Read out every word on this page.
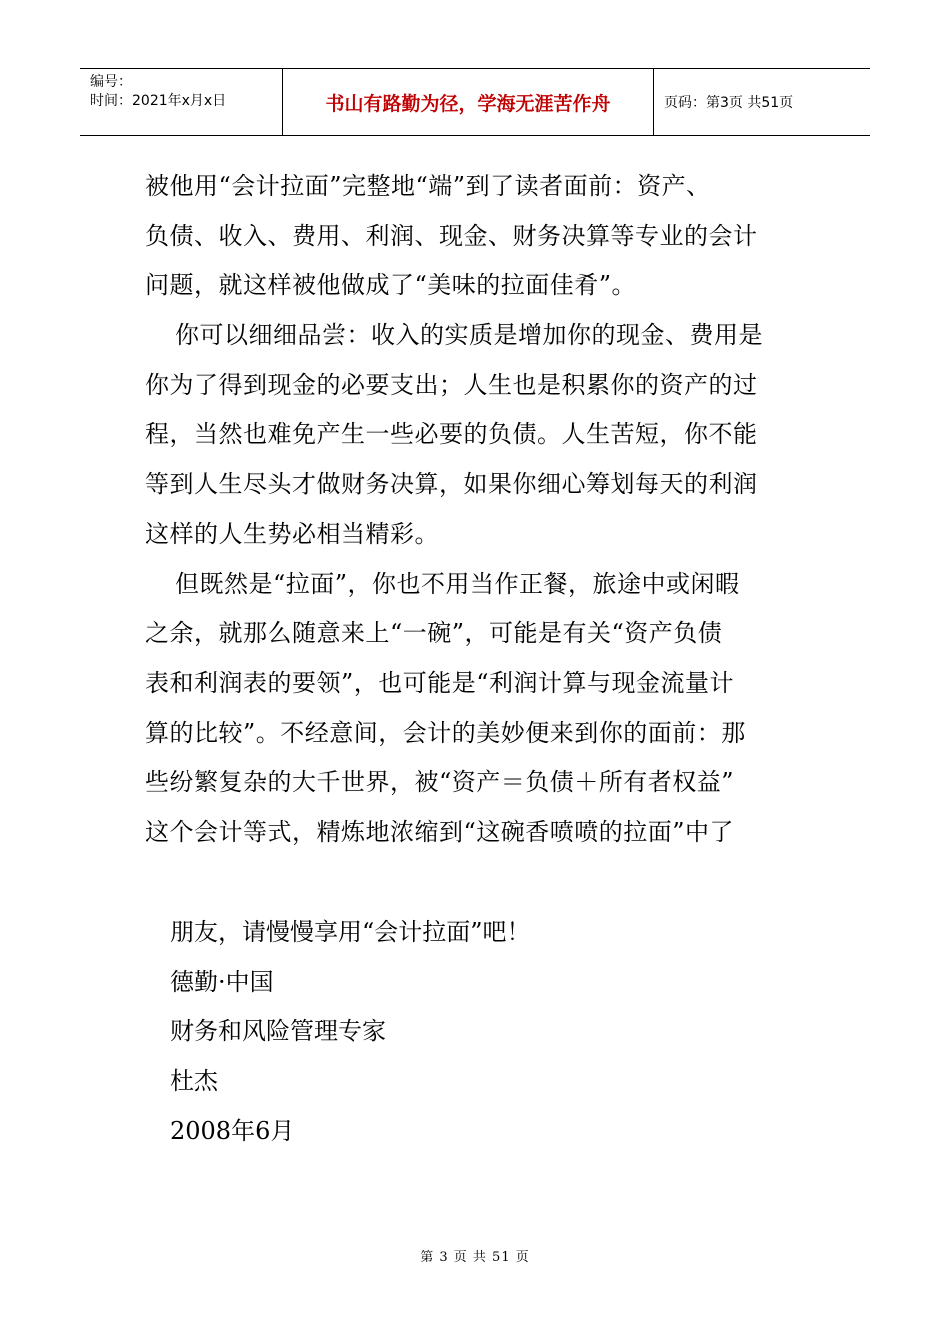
编号：
时间：2021年x月x日	书山有路勤为径，学海无涯苦作舟	页码：第3页 共51页
被他用“会计拉面”完整地“端”到了读者面前：资产、
负债、收入、费用、利润、现金、财务决算等专业的会计
问题，就这样被他做成了“美味的拉面佳肴”。
你可以细细品尝：收入的实质是增加你的现金、费用是
你为了得到现金的必要支出；人生也是积累你的资产的过
程，当然也难免产生一些必要的负债。人生苦短，你不能
等到人生尽头才做财务决算，如果你细心筹划每天的利润
这样的人生势必相当精彩。
但既然是“拉面”，你也不用当作正餐，旅途中或闲暇
之余，就那么随意来上“一碗”，可能是有关“资产负债
表和利润表的要领”，也可能是“利润计算与现金流量计
算的比较”。不经意间，会计的美妙便来到你的面前：那
些纷繁复杂的大千世界，被“资产＝负债＋所有者权益”
这个会计等式，精炼地浓缩到“这碗香喷喷的拉面”中了
朋友，请慢慢享用“会计拉面”吧！
德勤·中国
财务和风险管理专家
杜杰
2008年6月
第 3 页 共 51 页
